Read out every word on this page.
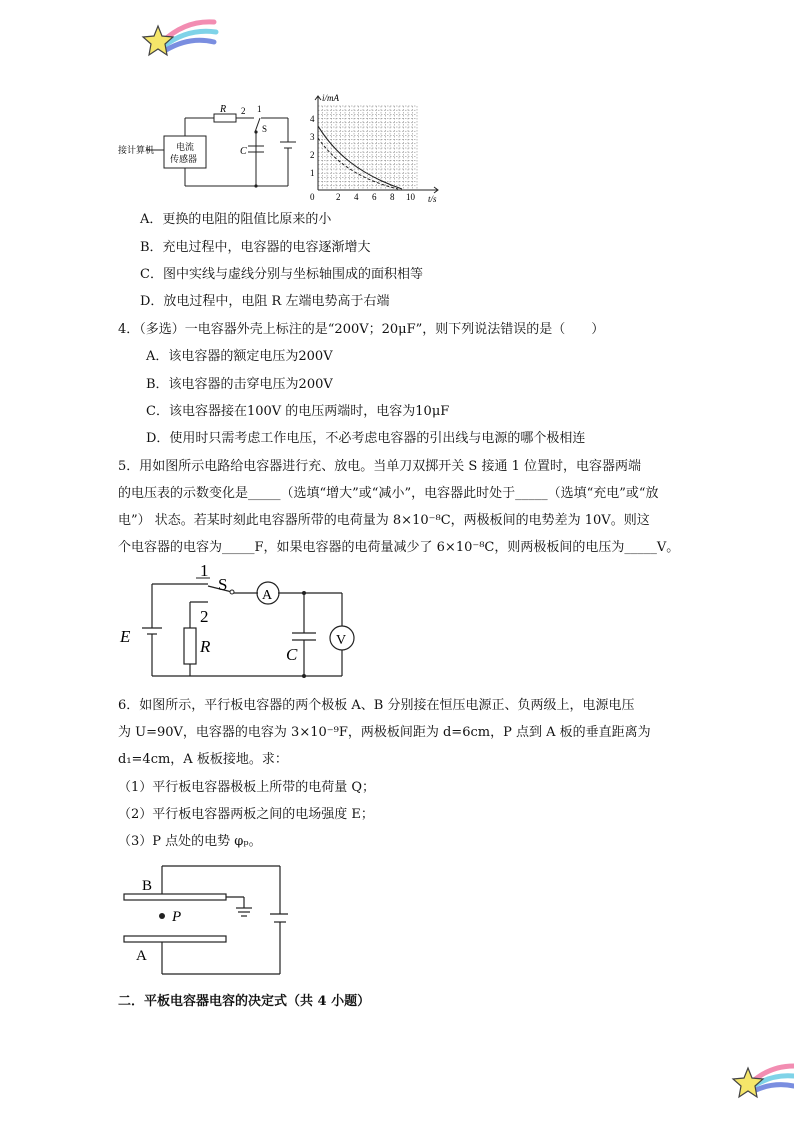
R 2 1
S
C
接计算机 电流
传感器
i/mA
t/s
4
3
2
1
0 2 4 6 8 10
A．更换的电阻的阻值比原来的小
B．充电过程中，电容器的电容逐渐增大
C．图中实线与虚线分别与坐标轴围成的面积相等
D．放电过程中，电阻 R 左端电势高于右端
4．（多选）一电容器外壳上标注的是“200V；20μF”，则下列说法错误的是（　　）
A．该电容器的额定电压为200V
B．该电容器的击穿电压为200V
C．该电容器接在100V 的电压两端时，电容为10μF
D．使用时只需考虑工作电压，不必考虑电容器的引出线与电源的哪个极相连
5．用如图所示电路给电容器进行充、放电。当单刀双掷开关 S 接通 1 位置时，电容器两端
的电压表的示数变化是_____（选填“增大”或“减小”，电容器此时处于_____（选填“充电”或“放
电”） 状态。若某时刻此电容器所带的电荷量为 8×10⁻⁸C，两极板间的电势差为 10V。则这
个电容器的电容为_____F，如果电容器的电荷量减少了 6×10⁻⁸C，则两极板间的电压为_____V。
1
2
S
A
V
E
R	C
6．如图所示，平行板电容器的两个极板 A、B 分别接在恒压电源正、负两级上，电源电压
为 U=90V，电容器的电容为 3×10⁻⁹F，两极板间距为 d=6cm，P 点到 A 板的垂直距离为
d₁=4cm，A 板板接地。求：
（1）平行板电容器极板上所带的电荷量 Q；
（2）平行板电容器两板之间的电场强度 E；
（3）P 点处的电势 φₚ。
B
A
P
二．平板电容器电容的决定式（共 4 小题）
